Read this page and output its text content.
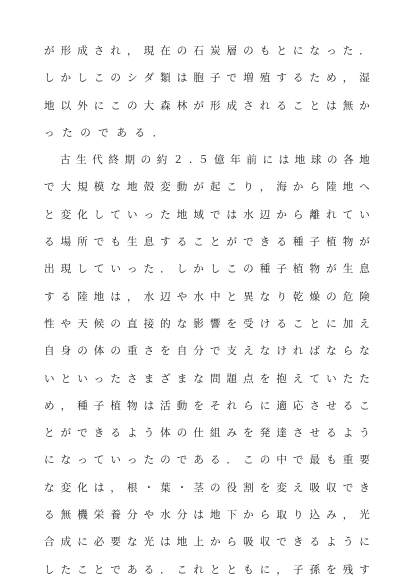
が 形 成 さ れ ， 現 在 の 石 炭 層 の も と に な っ た ．
し か し こ の シ ダ 類 は 胞 子 で 増 殖 す る た め ， 湿
地 以 外 に こ の 大 森 林 が 形 成 さ れ る こ と は 無 か
っ た の で あ る ．
古 生 代 終 期 の 約 ２ . ５ 億 年 前 に は 地 球 の 各 地
で 大 規 模 な 地 殻 変 動 が 起 こ り ， 海 か ら 陸 地 へ
と 変 化 し て い っ た 地 域 で は 水 辺 か ら 離 れ て い
る 場 所 で も 生 息 す る こ と が で き る 種 子 植 物 が
出 現 し て い っ た ． し か し こ の 種 子 植 物 が 生 息
す る 陸 地 は ， 水 辺 や 水 中 と 異 な り 乾 燥 の 危 険
性 や 天 候 の 直 接 的 な 影 響 を 受 け る こ と に 加 え
自 身 の 体 の 重 さ を 自 分 で 支 え な け れ ば な ら な
い と い っ た さ ま ざ ま な 問 題 点 を 抱 え て い た た
め ， 種 子 植 物 は 活 動 を そ れ ら に 適 応 さ せ る こ
と が で き る よ う 体 の 仕 組 み を 発 達 さ せ る よ う
に な っ て い っ た の で あ る ． こ の 中 で 最 も 重 要
な 変 化 は ， 根 ・ 葉 ・ 茎 の 役 割 を 変 え 吸 収 で き
る 無 機 栄 養 分 や 水 分 は 地 下 か ら 取 り 込 み ， 光
合 成 に 必 要 な 光 は 地 上 か ら 吸 収 で き る よ う に
し た こ と で あ る ． こ れ と と も に ， 子 孫 を 残 す
